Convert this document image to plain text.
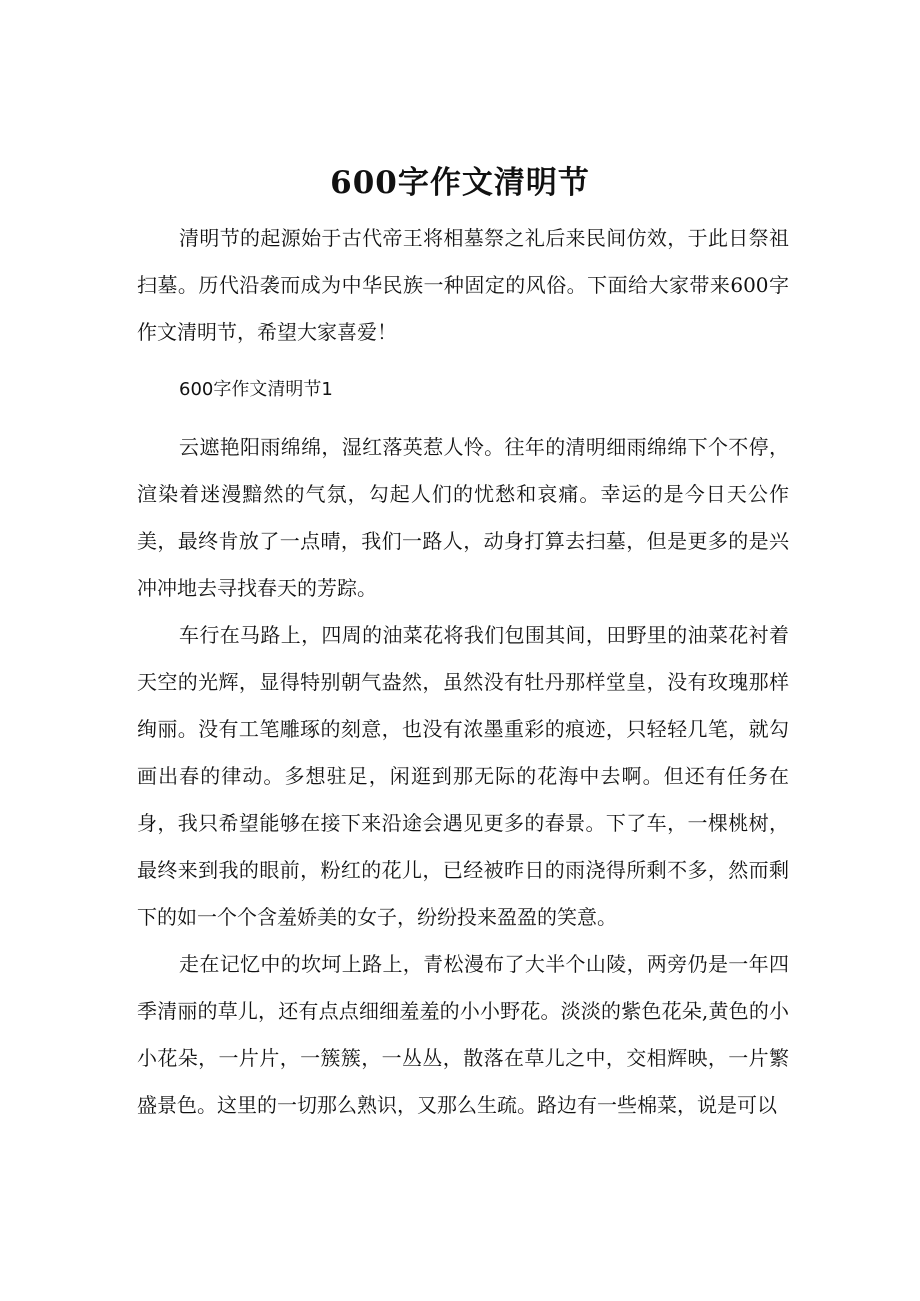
600字作文清明节

清明节的起源始于古代帝王将相墓祭之礼后来民间仿效，于此日祭祖扫墓。历代沿袭而成为中华民族一种固定的风俗。下面给大家带来600字作文清明节，希望大家喜爱！

600字作文清明节1

云遮艳阳雨绵绵，湿红落英惹人怜。往年的清明细雨绵绵下个不停，渲染着迷漫黯然的气氛，勾起人们的忧愁和哀痛。幸运的是今日天公作美，最终肯放了一点晴，我们一路人，动身打算去扫墓，但是更多的是兴冲冲地去寻找春天的芳踪。

车行在马路上，四周的油菜花将我们包围其间，田野里的油菜花衬着天空的光辉，显得特别朝气盎然，虽然没有牡丹那样堂皇，没有玫瑰那样绚丽。没有工笔雕琢的刻意，也没有浓墨重彩的痕迹，只轻轻几笔，就勾画出春的律动。多想驻足，闲逛到那无际的花海中去啊。但还有任务在身，我只希望能够在接下来沿途会遇见更多的春景。下了车，一棵桃树，最终来到我的眼前，粉红的花儿，已经被昨日的雨浇得所剩不多，然而剩下的如一个个含羞娇美的女子，纷纷投来盈盈的笑意。

走在记忆中的坎坷上路上，青松漫布了大半个山陵，两旁仍是一年四季清丽的草儿，还有点点细细羞羞的小小野花。淡淡的紫色花朵,黄色的小小花朵，一片片，一簇簇，一丛丛，散落在草儿之中，交相辉映，一片繁盛景色。这里的一切那么熟识，又那么生疏。路边有一些棉菜，说是可以
